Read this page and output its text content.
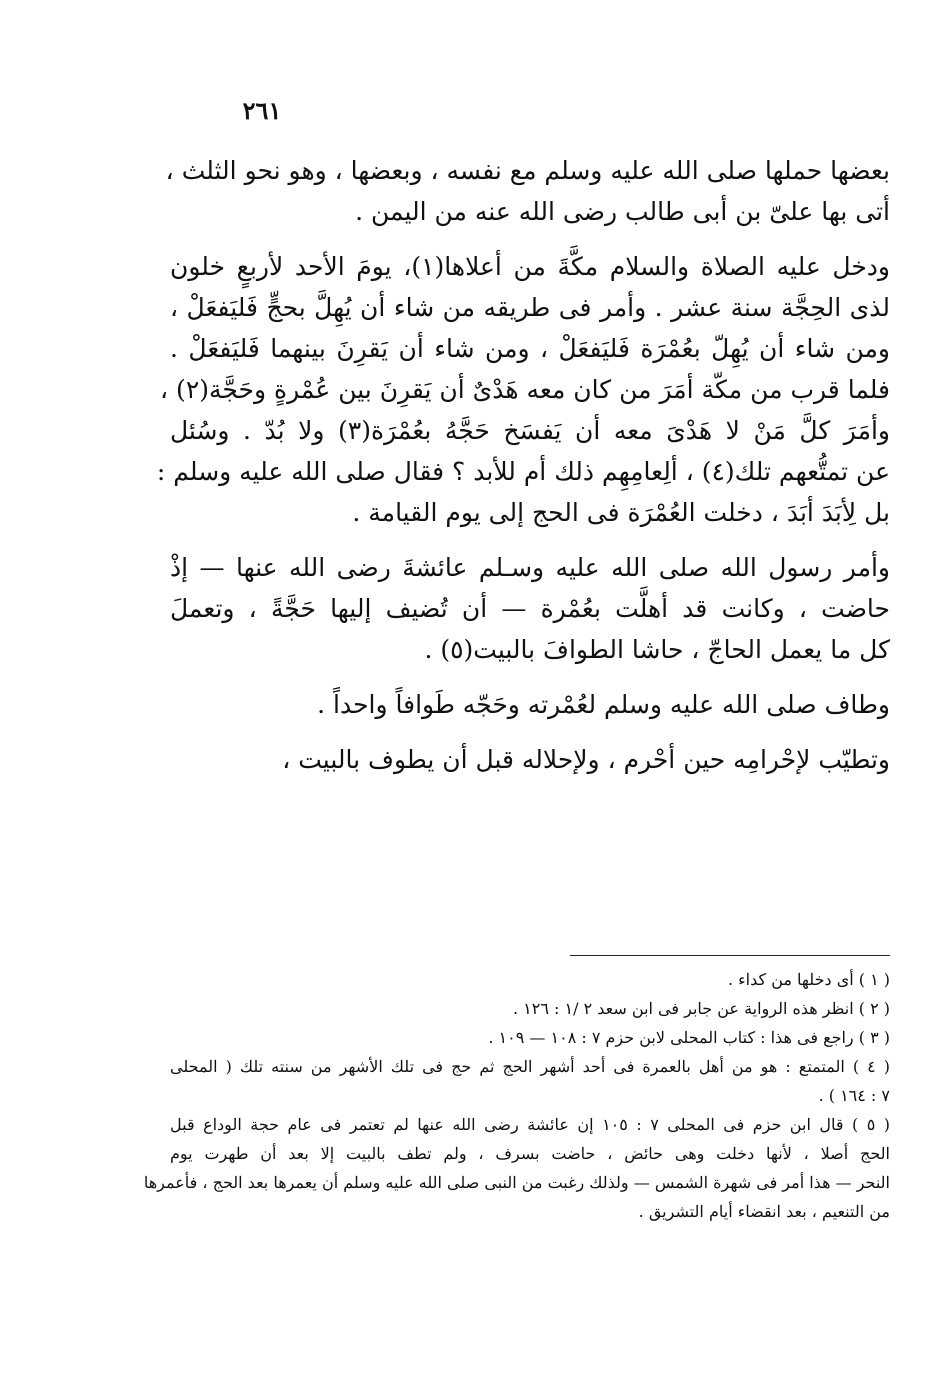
٢٦١
بعضها حملها صلى الله عليه وسلم مع نفسه ، وبعضها ، وهو نحو الثلث ،
أتى بها علىّ بن أبى طالب رضى الله عنه من اليمن .
ودخل عليه الصلاة والسلام مكَّةَ من أعلاها(١)، يومَ الأحد لأربعٍ خلون
لذى الحِجَّة سنة عشر . وأمر فى طريقه من شاء أن يُهِلَّ بحجٍّ فَليَفعَلْ ،
ومن شاء أن يُهِلّ بعُمْرَة فَليَفعَلْ ، ومن شاء أن يَقرِنَ بينهما فَليَفعَلْ .
فلما قرب من مكّة أمَرَ من كان معه هَدْىٌ أن يَقرِنَ بين عُمْرةٍ وحَجَّة(٢) ،
وأمَرَ كلَّ مَنْ لا هَدْىَ معه أن يَفسَخ حَجَّهُ بعُمْرَة(٣) ولا بُدّ . وسُئل
عن تمتُّعهم تلك(٤) ، ألِعامِهِم ذلك أم للأبد ؟ فقال صلى الله عليه وسلم :
بل لِأبَدَ أبَدَ ، دخلت العُمْرَة فى الحج إلى يوم القيامة .
وأمر رسول الله صلى الله عليه وسـلم عائشةَ رضى الله عنها — إذْ
حاضت ، وكانت قد أهلَّت بعُمْرة — أن تُضيف إليها حَجَّةً ، وتعملَ
كل ما يعمل الحاجّ ، حاشا الطوافَ بالبيت(٥) .
وطاف صلى الله عليه وسلم لعُمْرته وحَجّه طَوافاً واحداً .
وتطيّب لإحْرامِه حين أحْرم ، ولإحلاله قبل أن يطوف بالبيت ،
( ١ ) أى دخلها من كداء .
( ٢ ) انظر هذه الرواية عن جابر فى ابن سعد ٢ /١ : ١٢٦ .
( ٣ ) راجع فى هذا : كتاب المحلى لابن حزم ٧ : ١٠٨ — ١٠٩ .
( ٤ ) المتمتع : هو من أهل بالعمرة فى أحد أشهر الحج ثم حج فى تلك الأشهر من سنته تلك ( المحلى
٧ : ١٦٤ ) .
( ٥ ) قال ابن حزم فى المحلى ٧ : ١٠٥ إن عائشة رضى الله عنها لم تعتمر فى عام حجة الوداع قبل
الحج أصلا ، لأنها دخلت وهى حائض ، حاضت بسرف ، ولم تطف بالبيت إلا بعد أن طهرت يوم
النحر — هذا أمر فى شهرة الشمس — ولذلك رغبت من النبى صلى الله عليه وسلم أن يعمرها بعد الحج ، فأعمرها
من التنعيم ، بعد انقضاء أيام التشريق .
